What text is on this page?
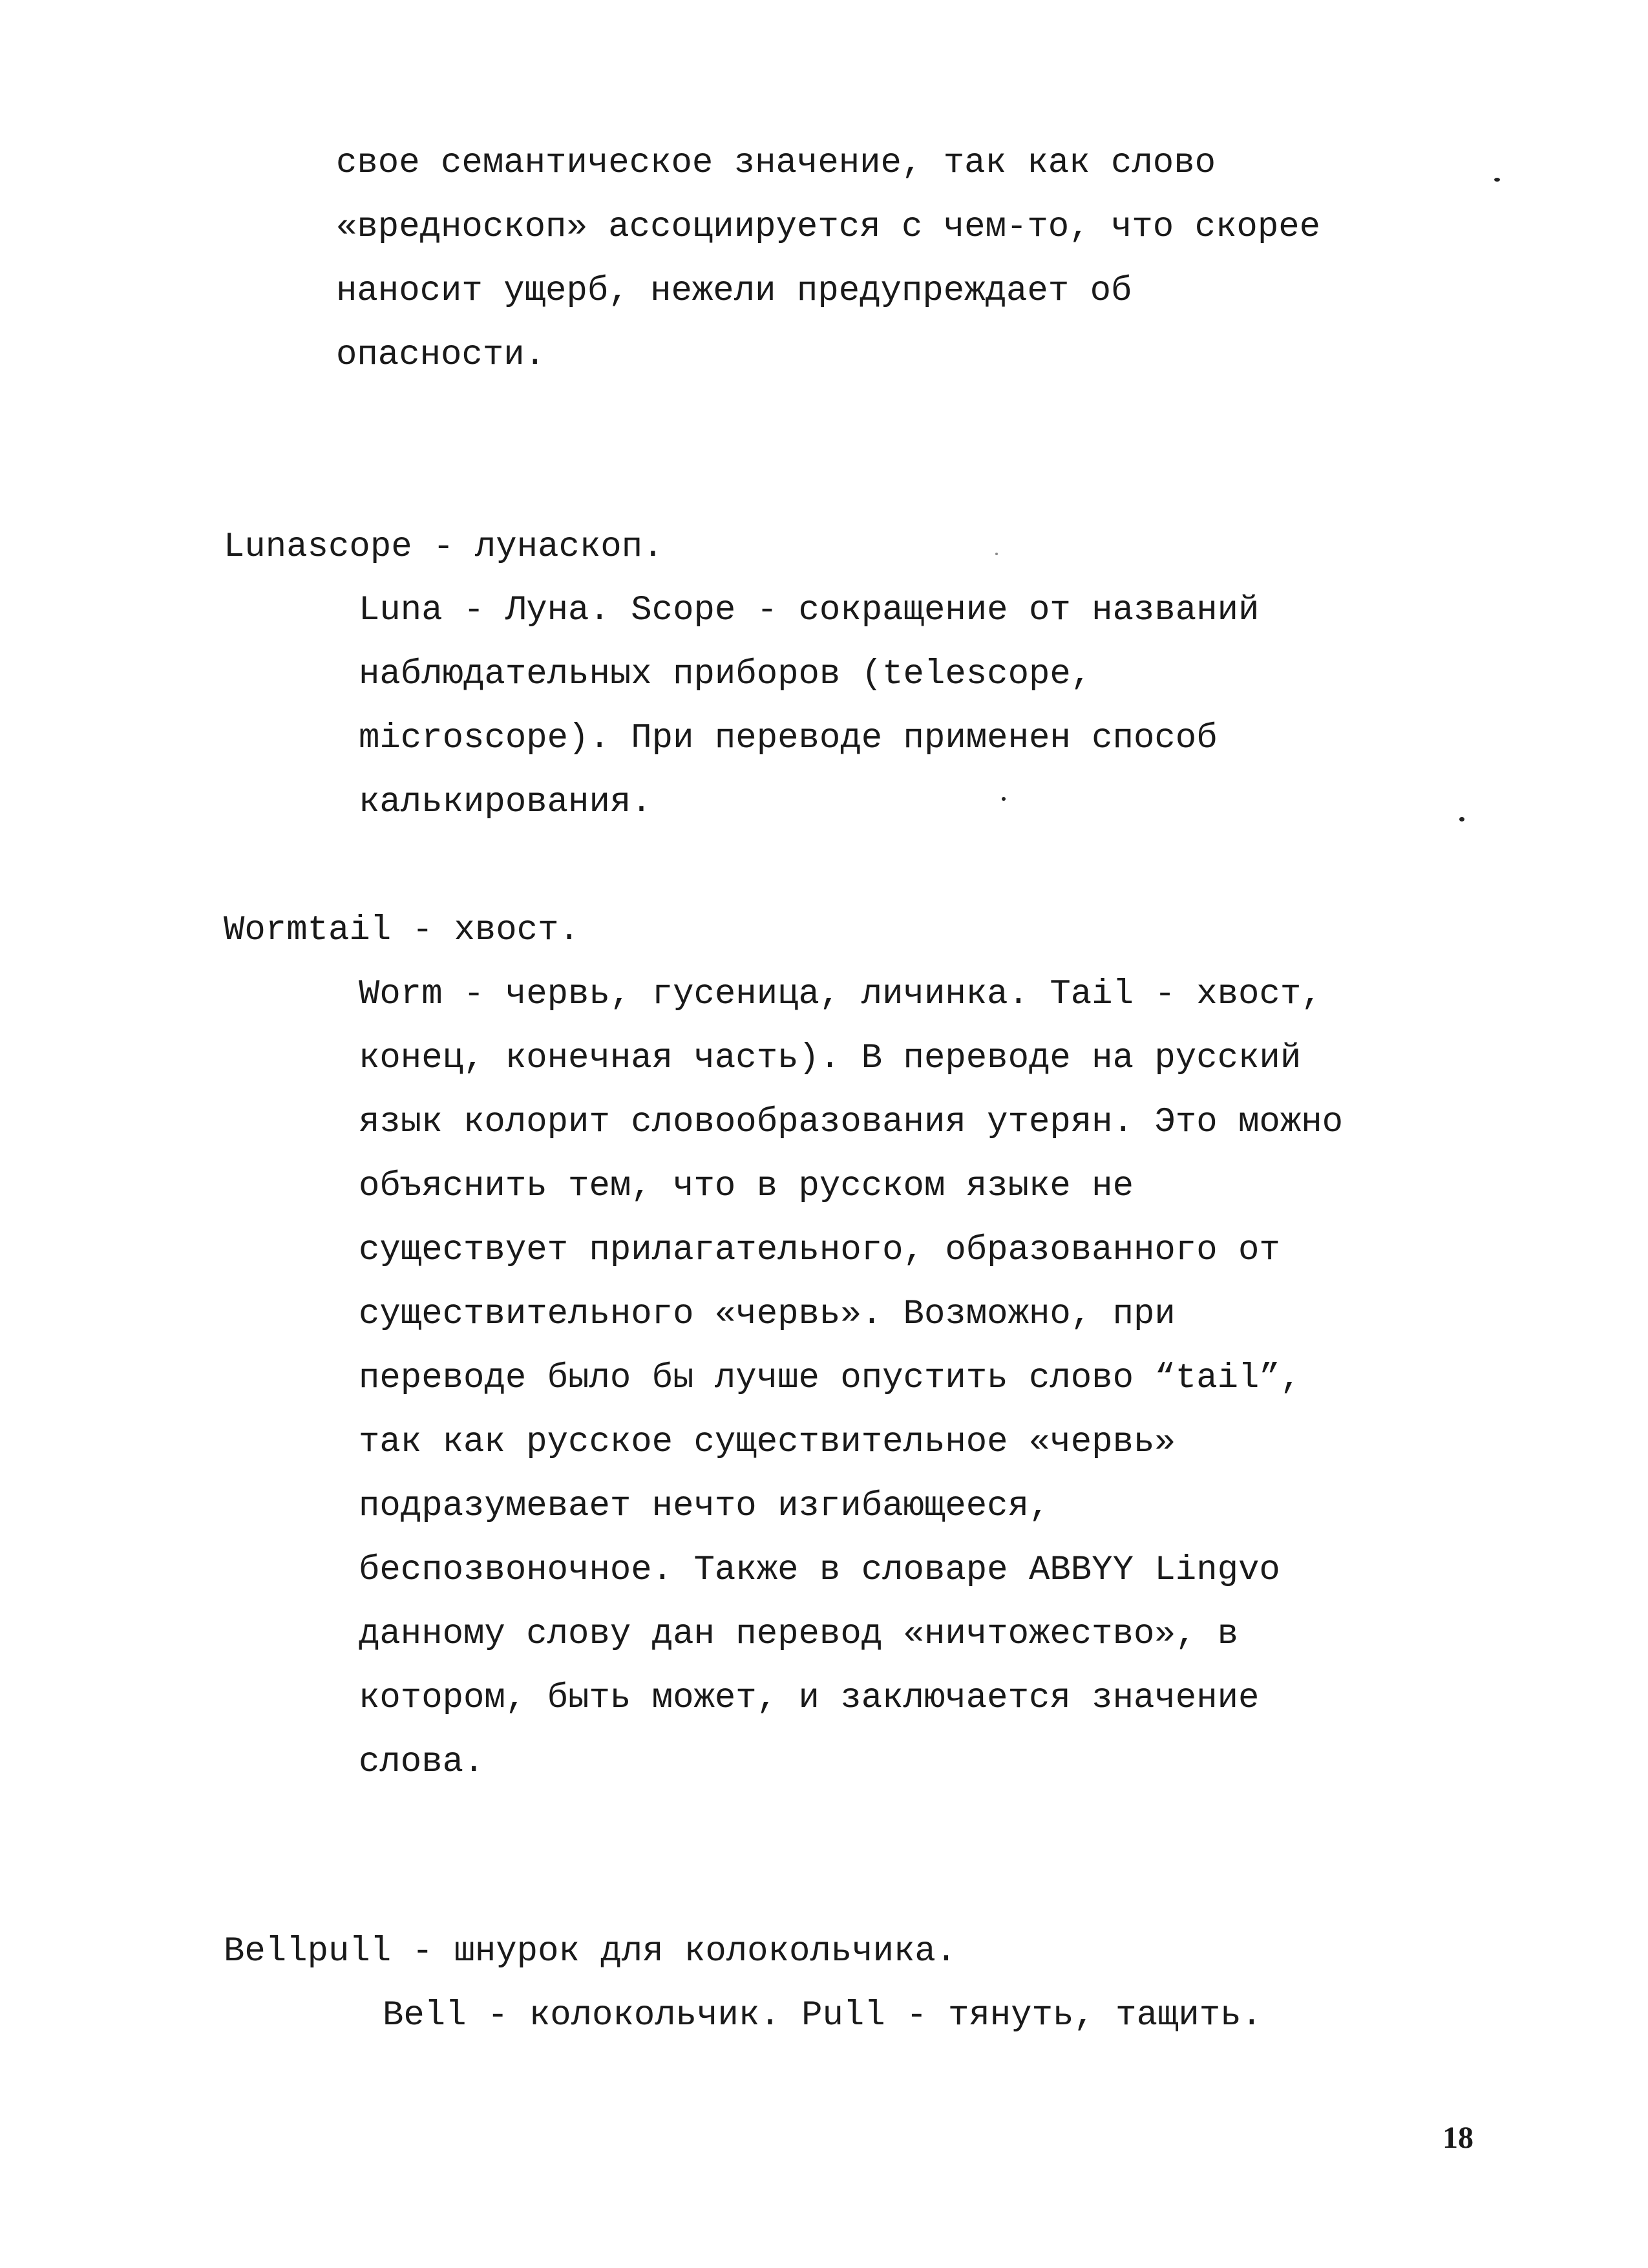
свое семантическое значение, так как слово
«вредноскоп» ассоциируется с чем-то, что скорее
наносит ущерб, нежели предупреждает об
опасности.
Lunascope - лунаскоп.
Luna - Луна. Scope - сокращение от названий
наблюдательных приборов (telescope,
microscope). При переводе применен способ
калькирования.
Wormtail - хвост.
Worm - червь, гусеница, личинка. Tail - хвост,
конец, конечная часть). В переводе на русский
язык колорит словообразования утерян. Это можно
объяснить тем, что в русском языке не
существует прилагательного, образованного от
существительного «червь». Возможно, при
переводе было бы лучше опустить слово “tail”,
так как русское существительное «червь»
подразумевает нечто изгибающееся,
беспозвоночное. Также в словаре ABBYY Lingvo
данному слову дан перевод «ничтожество», в
котором, быть может, и заключается значение
слова.
Bellpull - шнурок для колокольчика.
Bell - колокольчик. Pull - тянуть, тащить.
18
